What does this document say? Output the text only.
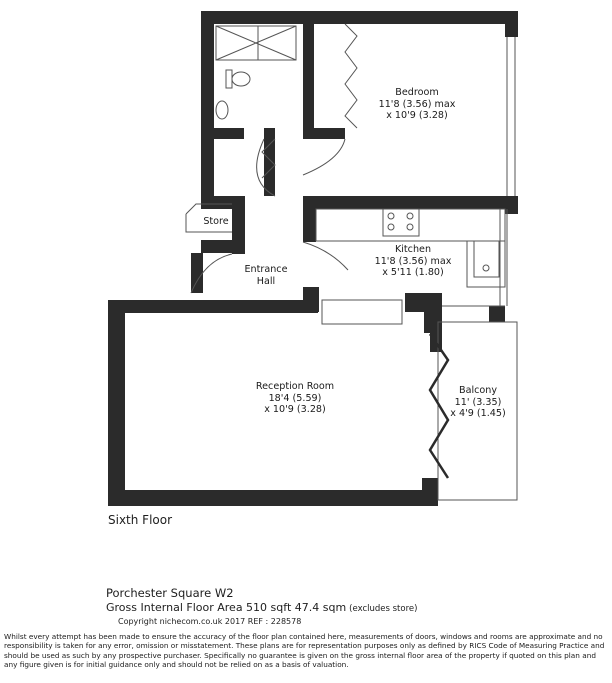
Bedroom
11'8 (3.56) max
x 10'9 (3.28)
Kitchen
11'8 (3.56) max
x 5'11 (1.80)
Reception Room
18'4 (5.59)
x 10'9 (3.28)
Balcony
11' (3.35)
x 4'9 (1.45)
Entrance
Hall
Store
Sixth Floor
Porchester Square W2
Gross Internal Floor Area 510 sqft 47.4 sqm (excludes store)
Copyright nichecom.co.uk 2017 REF : 228578
Whilst every attempt has been made to ensure the accuracy of the floor plan contained here, measurements of doors, windows and rooms are approximate and no responsibility is taken for any error, omission or misstatement. These plans are for representation purposes only as defined by RICS Code of Measuring Practice and should be used as such by any prospective purchaser. Specifically no guarantee is given on the gross internal floor area of the property if quoted on this plan and any figure given is for initial guidance only and should not be relied on as a basis of valuation.
